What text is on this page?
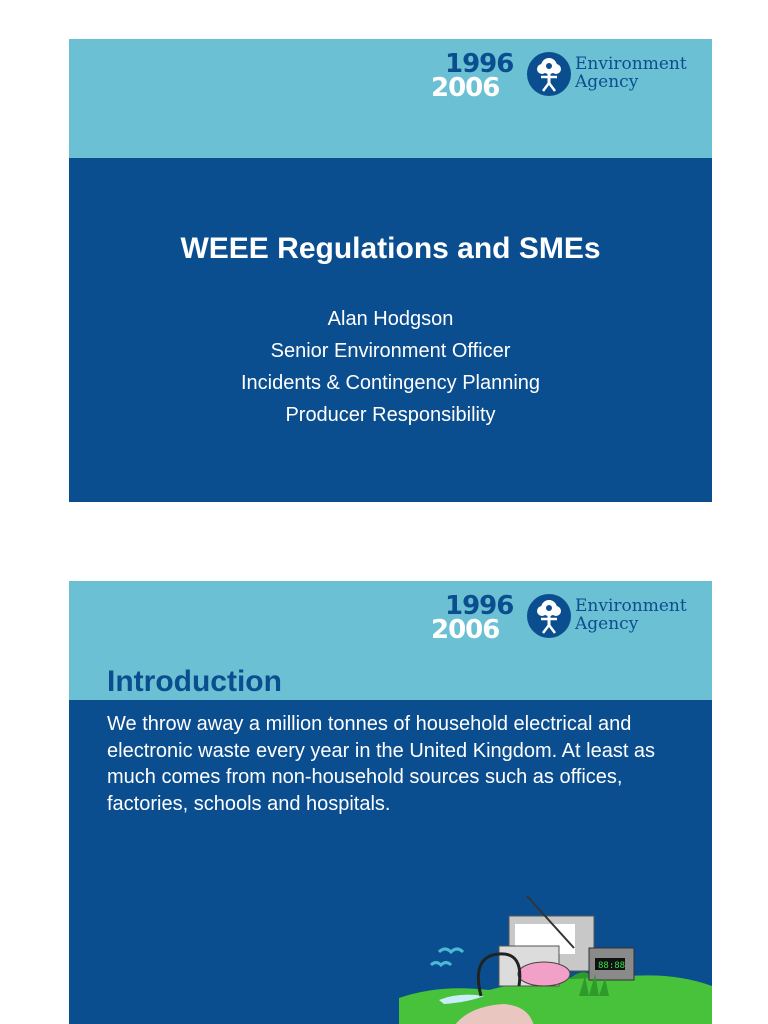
1996
2006
Environment
Agency
WEEE Regulations and SMEs
Alan Hodgson
Senior Environment Officer
Incidents & Contingency Planning
Producer Responsibility
1996
2006
Environment
Agency
Introduction
We throw away a million tonnes of household electrical and electronic waste every year in the United Kingdom. At least as much comes from non-household sources such as offices, factories, schools and hospitals.
88:88
